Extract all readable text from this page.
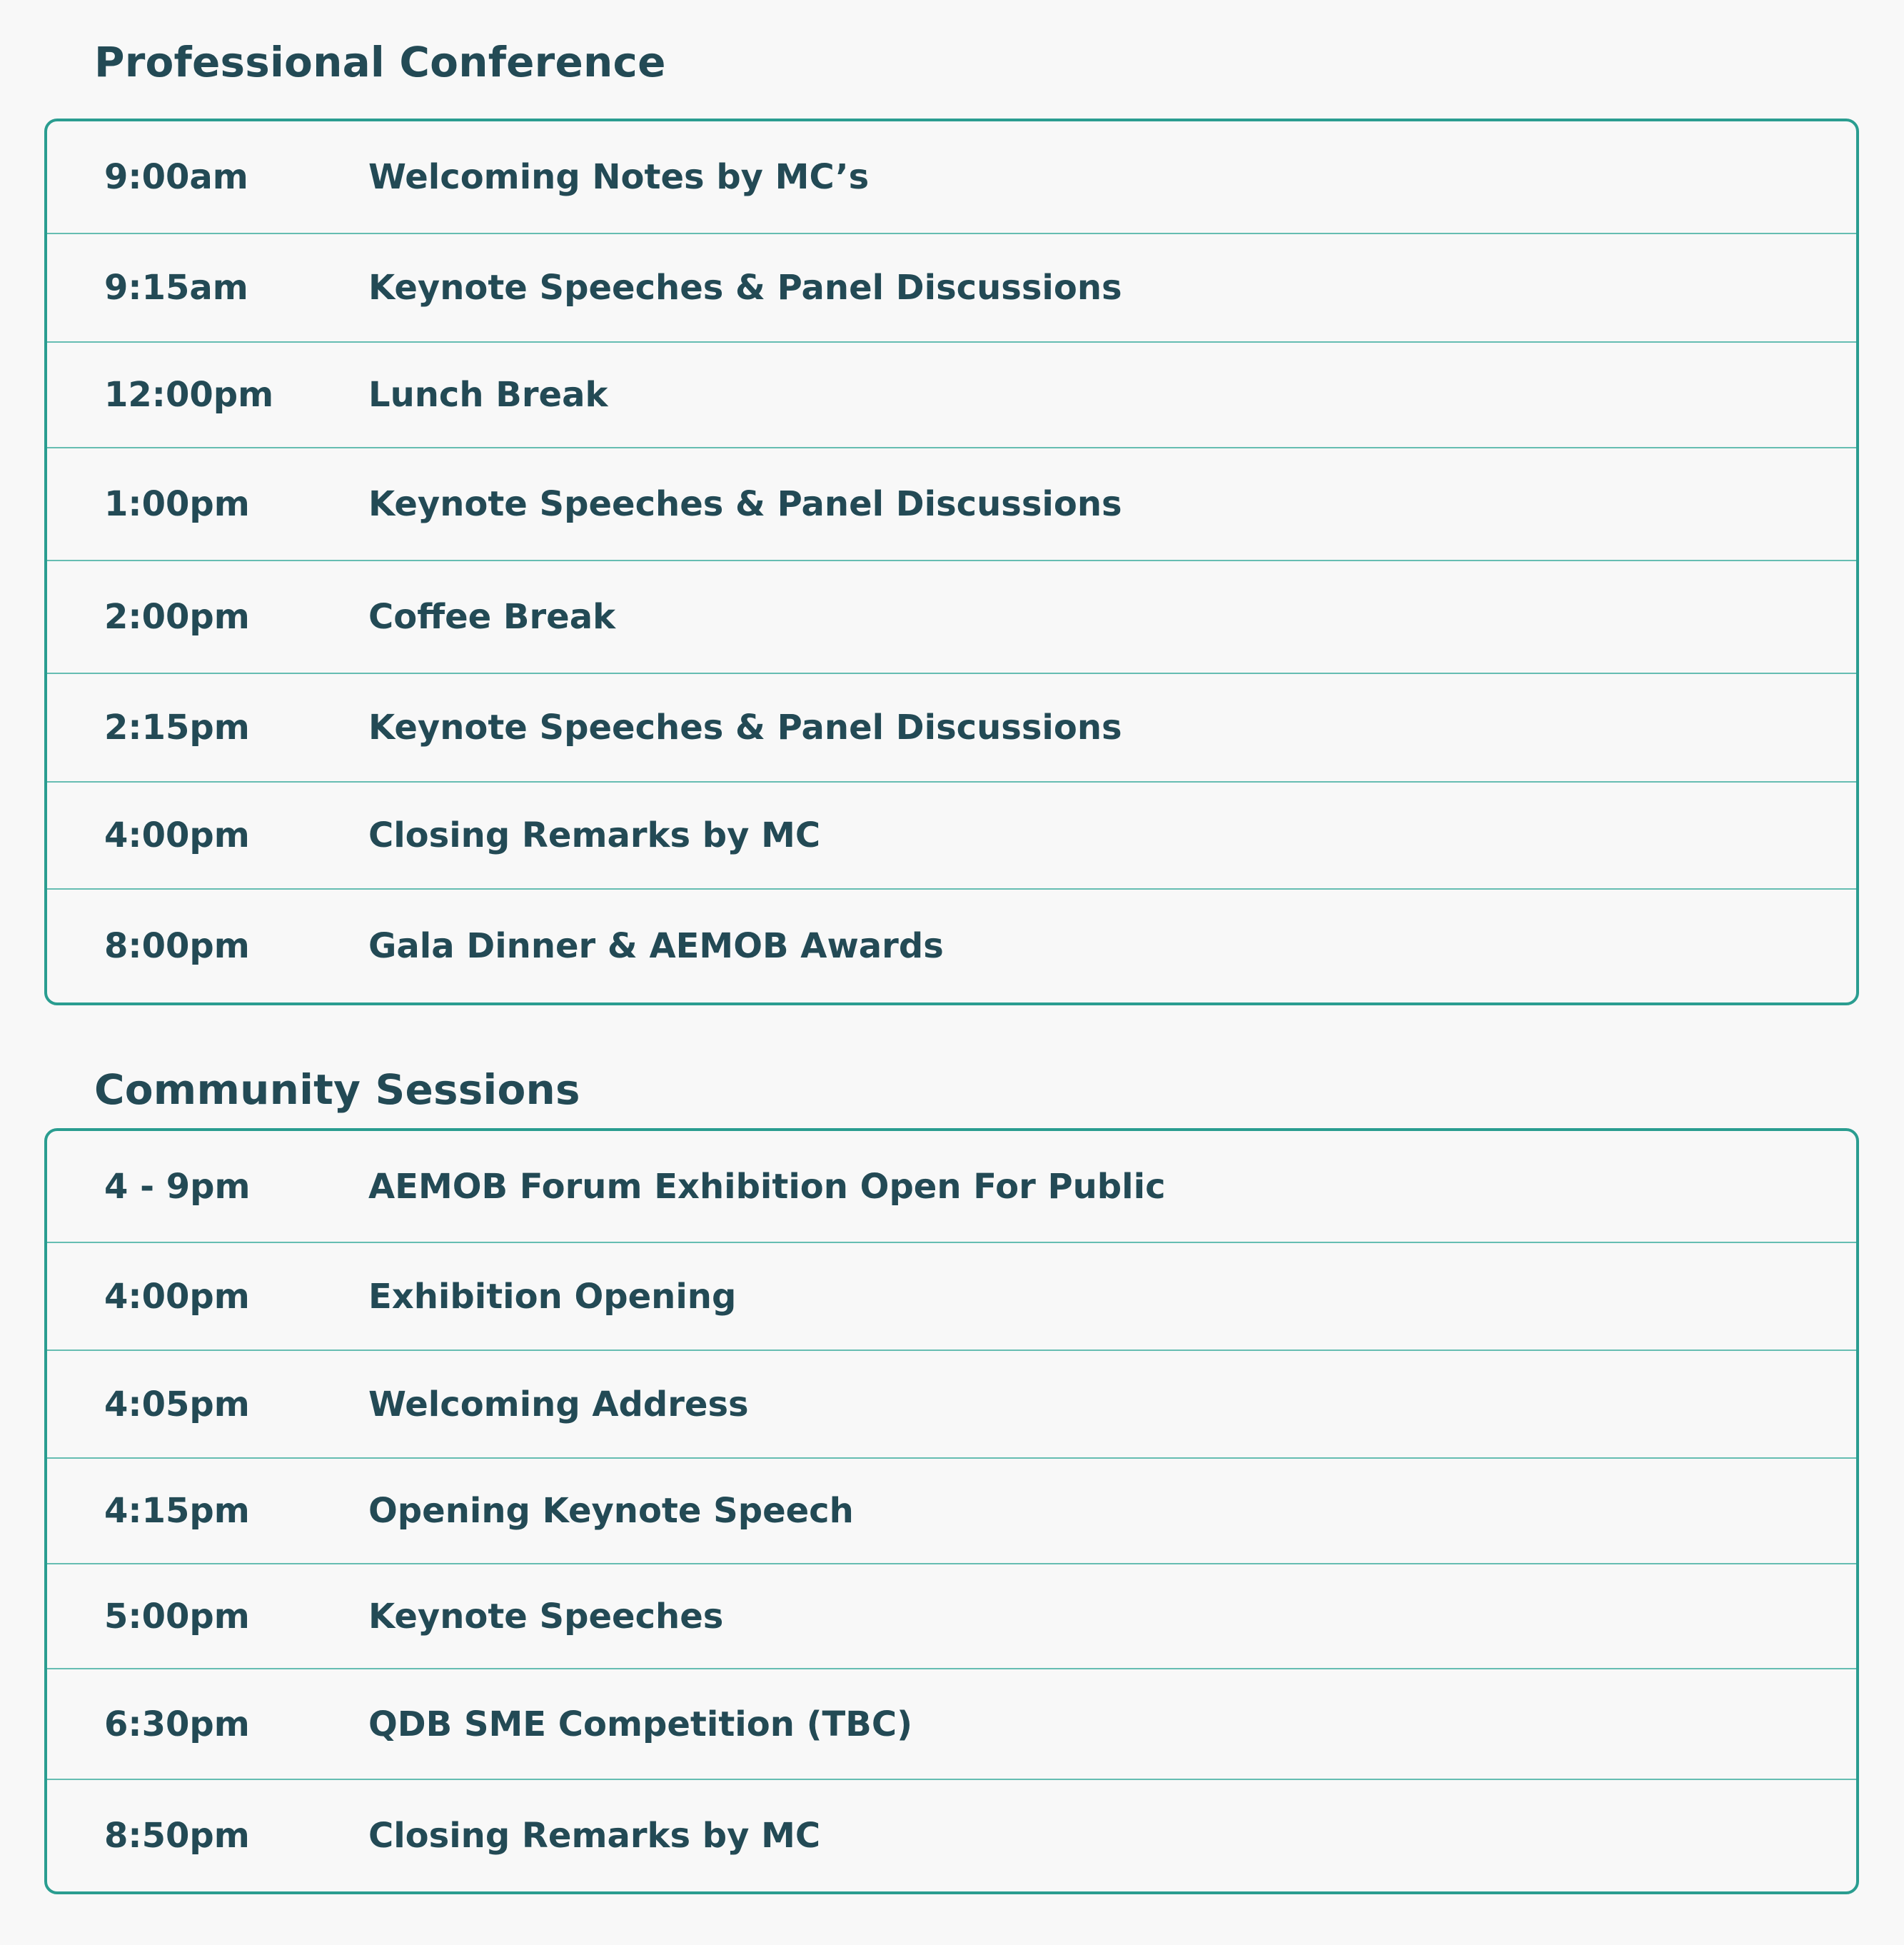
Professional Conference
9:00am	Welcoming Notes by MC’s
9:15am	Keynote Speeches & Panel Discussions
12:00pm	Lunch Break
1:00pm	Keynote Speeches & Panel Discussions
2:00pm	Coffee Break
2:15pm	Keynote Speeches & Panel Discussions
4:00pm	Closing Remarks by MC
8:00pm	Gala Dinner & AEMOB Awards
Community Sessions
4 - 9pm	AEMOB Forum Exhibition Open For Public
4:00pm	Exhibition Opening
4:05pm	Welcoming Address
4:15pm	Opening Keynote Speech
5:00pm	Keynote Speeches
6:30pm	QDB SME Competition (TBC)
8:50pm	Closing Remarks by MC
